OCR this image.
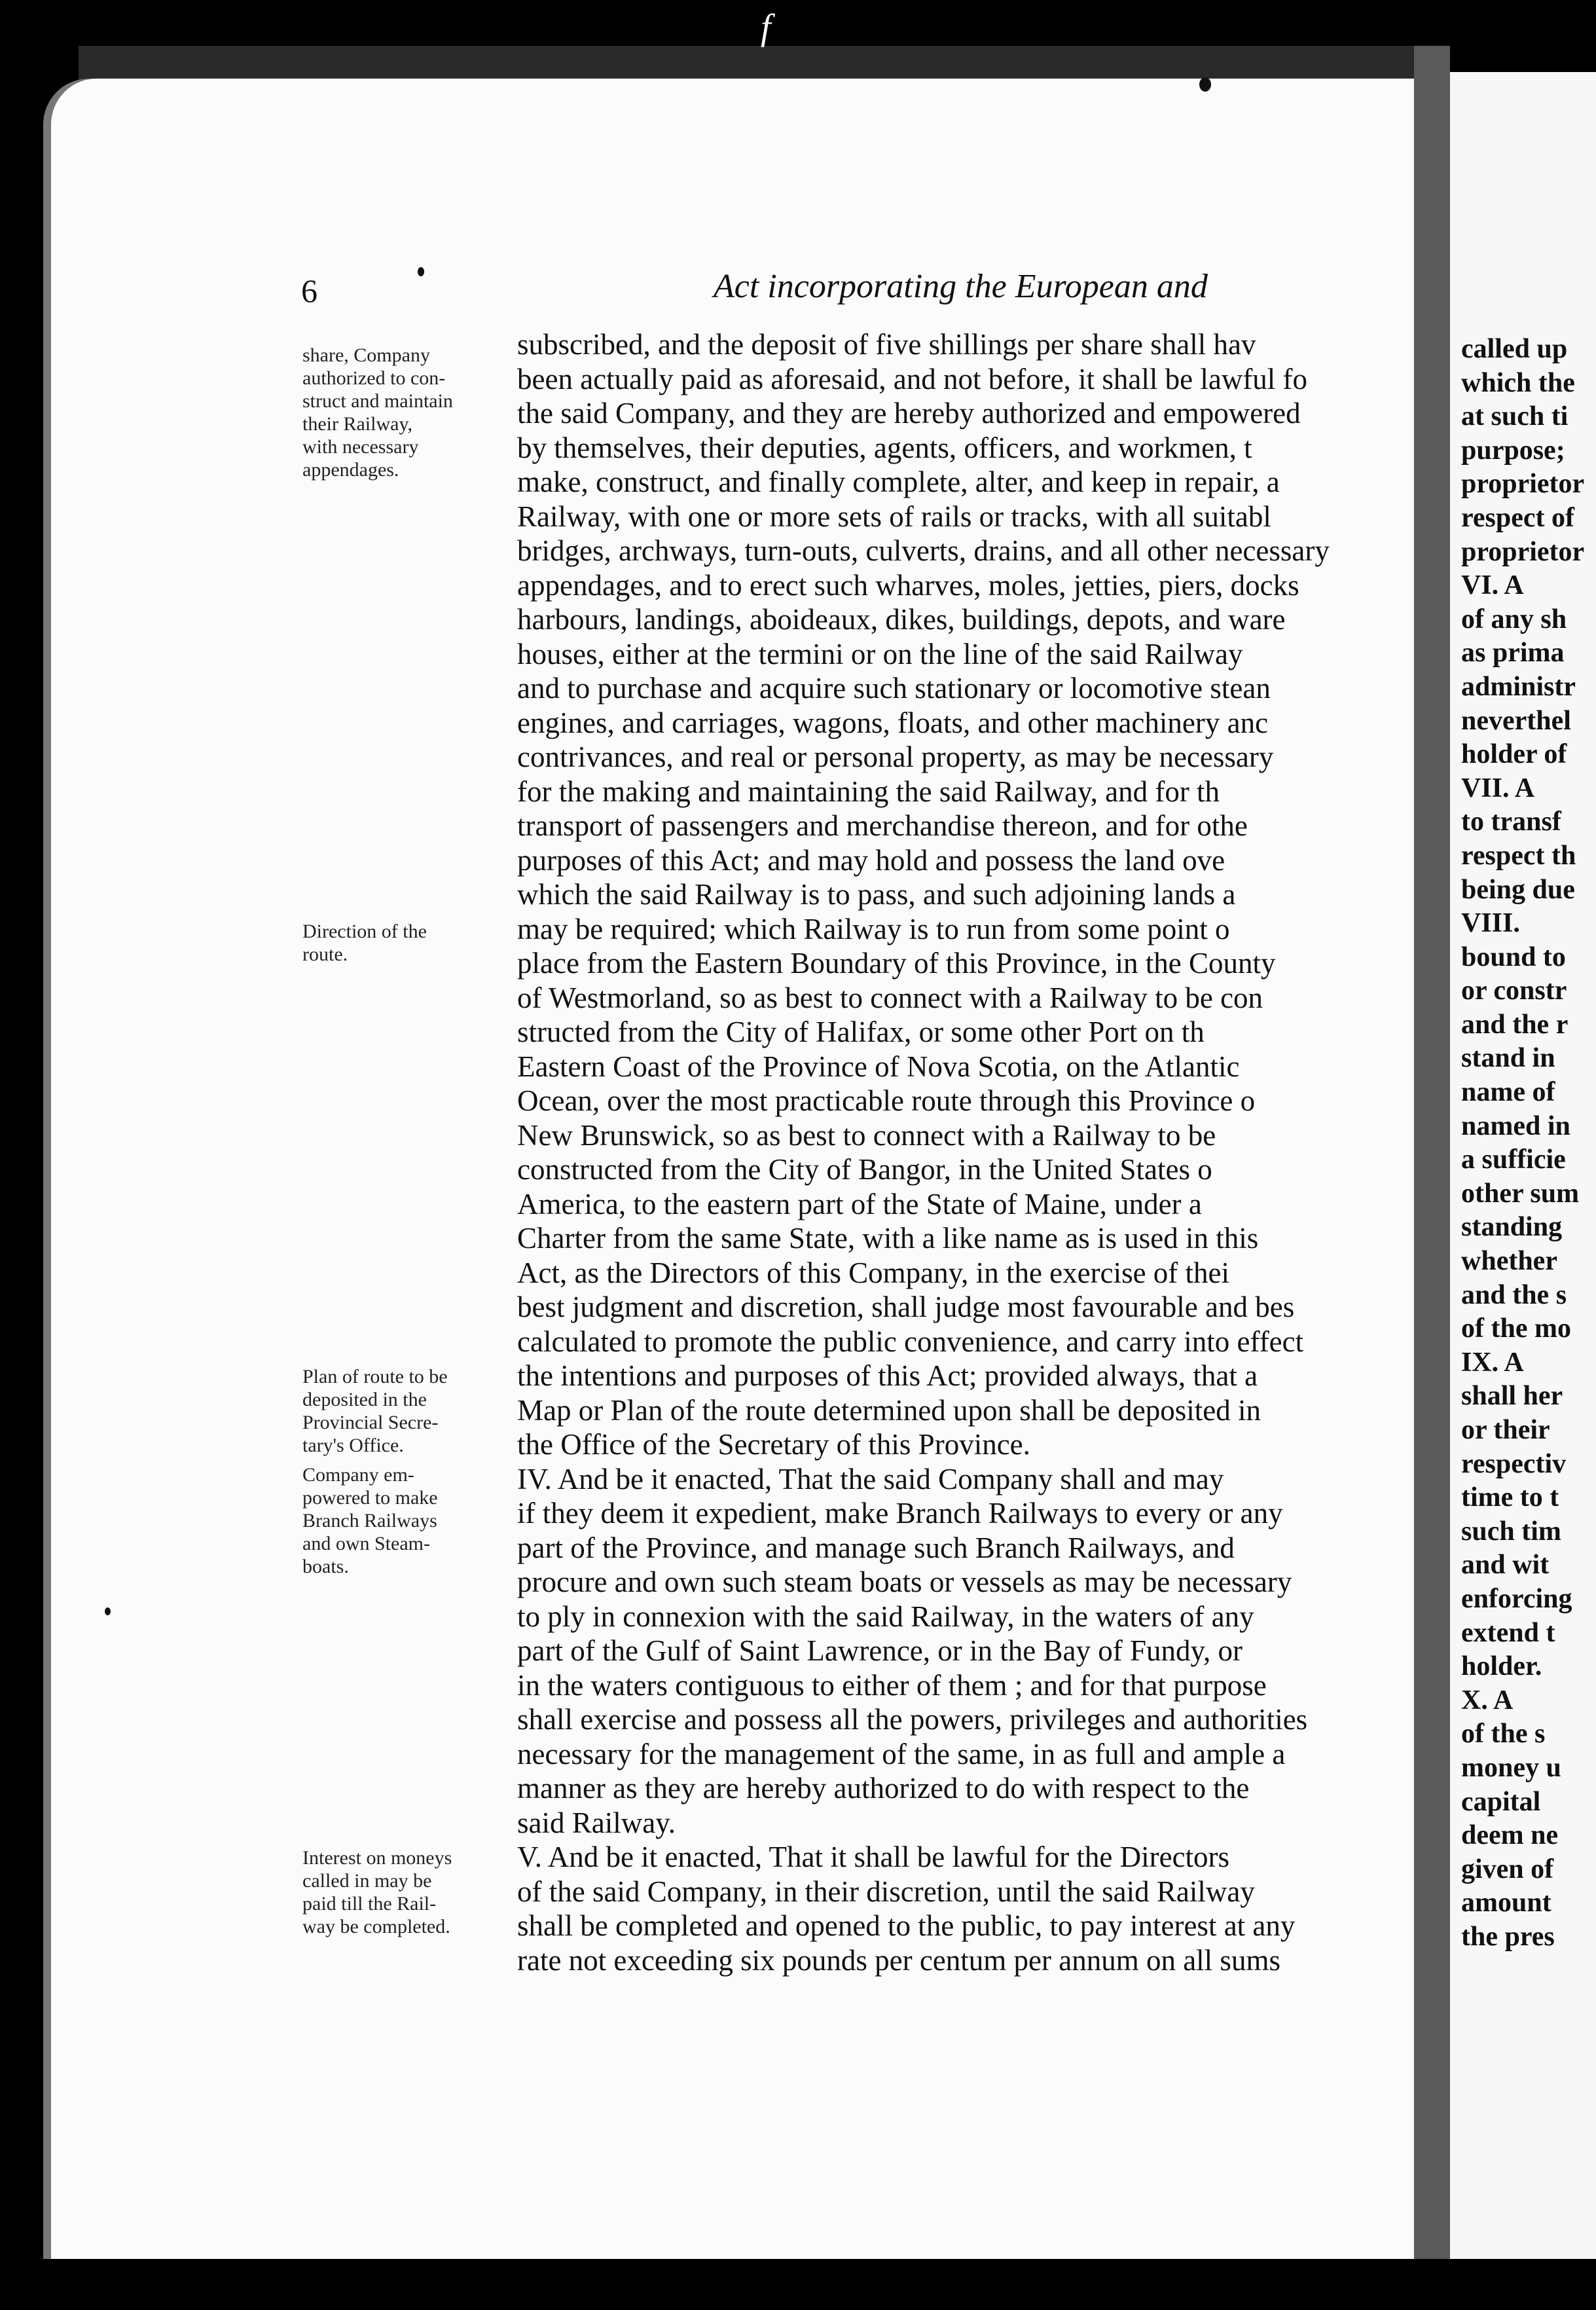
f
6	Act incorporating the European and
share, Company
authorized to con-
struct and maintain
their Railway,
with necessary
appendages.
Direction of the
route.
Plan of route to be
deposited in the
Provincial Secre-
tary's Office.
Company em-
powered to make
Branch Railways
and own Steam-
boats.
Interest on moneys
called in may be
paid till the Rail-
way be completed.
subscribed, and the deposit of five shillings per share shall hav
been actually paid as aforesaid, and not before, it shall be lawful fo
the said Company, and they are hereby authorized and empowered
by themselves, their deputies, agents, officers, and workmen, t
make, construct, and finally complete, alter, and keep in repair, a
Railway, with one or more sets of rails or tracks, with all suitabl
bridges, archways, turn-outs, culverts, drains, and all other necessary
appendages, and to erect such wharves, moles, jetties, piers, docks
harbours, landings, aboideaux, dikes, buildings, depots, and ware
houses, either at the termini or on the line of the said Railway
and to purchase and acquire such stationary or locomotive stean
engines, and carriages, wagons, floats, and other machinery anc
contrivances, and real or personal property, as may be necessary
for the making and maintaining the said Railway, and for th
transport of passengers and merchandise thereon, and for othe
purposes of this Act; and may hold and possess the land ove
which the said Railway is to pass, and such adjoining lands a
may be required; which Railway is to run from some point o
place from the Eastern Boundary of this Province, in the County
of Westmorland, so as best to connect with a Railway to be con
structed from the City of Halifax, or some other Port on th
Eastern Coast of the Province of Nova Scotia, on the Atlantic
Ocean, over the most practicable route through this Province o
New Brunswick, so as best to connect with a Railway to be
constructed from the City of Bangor, in the United States o
America, to the eastern part of the State of Maine, under a
Charter from the same State, with a like name as is used in this
Act, as the Directors of this Company, in the exercise of thei
best judgment and discretion, shall judge most favourable and bes
calculated to promote the public convenience, and carry into effect
the intentions and purposes of this Act; provided always, that a
Map or Plan of the route determined upon shall be deposited in
the Office of the Secretary of this Province.
IV. And be it enacted, That the said Company shall and may
if they deem it expedient, make Branch Railways to every or any
part of the Province, and manage such Branch Railways, and
procure and own such steam boats or vessels as may be necessary
to ply in connexion with the said Railway, in the waters of any
part of the Gulf of Saint Lawrence, or in the Bay of Fundy, or
in the waters contiguous to either of them ; and for that purpose
shall exercise and possess all the powers, privileges and authorities
necessary for the management of the same, in as full and ample a
manner as they are hereby authorized to do with respect to the
said Railway.
V. And be it enacted, That it shall be lawful for the Directors
of the said Company, in their discretion, until the said Railway
shall be completed and opened to the public, to pay interest at any
rate not exceeding six pounds per centum per annum on all sums
called up
which the
at such ti
purpose;
proprietor
respect of
proprietor
VI. A
of any sh
as prima
administr
neverthel
holder of
VII. A
to transf
respect th
being due
VIII.
bound to
or constr
and the r
stand in
name of
named in
a sufficie
other sum
standing
whether
and the s
of the mo
IX. A
shall her
or their
respectiv
time to t
such tim
and wit
enforcing
extend t
holder.
X. A
of the s
money u
capital
deem ne
given of
amount
the pres
